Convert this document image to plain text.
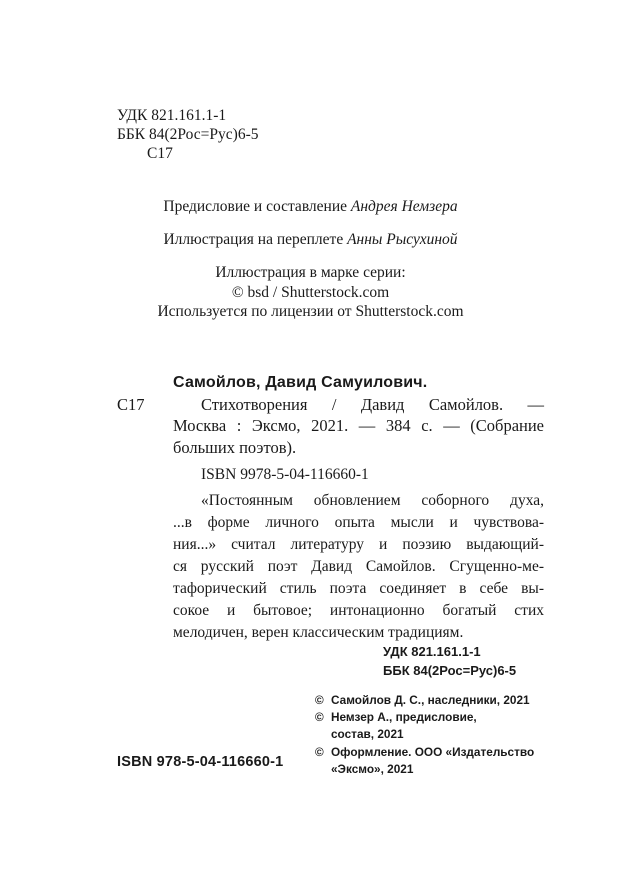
УДК 821.161.1-1
ББК 84(2Рос=Рус)6-5
С17
Предисловие и составление Андрея Немзера
Иллюстрация на переплете Анны Рысухиной
Иллюстрация в марке серии:
© bsd / Shutterstock.com
Используется по лицензии от Shutterstock.com
С17

Самойлов, Давид Самуилович.

Стихотворения / Давид Самойлов. —

Москва : Эксмо, 2021. — 384 с. — (Собрание

больших поэтов).

ISBN 9978-5-04-116660-1

«Постоянным обновлением соборного духа,

...в форме личного опыта мысли и чувствова-

ния...» считал литературу и поэзию выдающий-

ся русский поэт Давид Самойлов. Сгущенно-ме-

тафорический стиль поэта соединяет в себе вы-

сокое и бытовое; интонационно богатый стих

мелодичен, верен классическим традициям.

УДК 821.161.1-1
ББК 84(2Рос=Рус)6-5
© Самойлов Д. С., наследники, 2021
© Немзер А., предисловие,
состав, 2021
© Оформление. ООО «Издательство
«Эксмо», 2021
ISBN 978-5-04-116660-1
